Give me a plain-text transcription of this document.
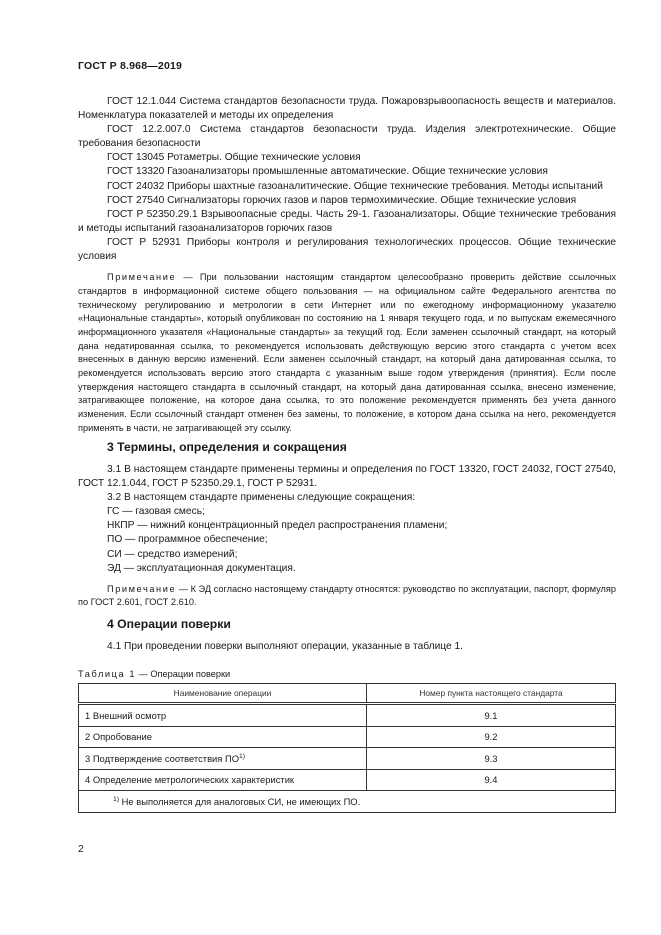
ГОСТ Р 8.968—2019

ГОСТ 12.1.044 Система стандартов безопасности труда. Пожаровзрывоопасность веществ и материалов. Номенклатура показателей и методы их определения

ГОСТ 12.2.007.0 Система стандартов безопасности труда. Изделия электротехнические. Общие требования безопасности

ГОСТ 13045 Ротаметры. Общие технические условия

ГОСТ 13320 Газоанализаторы промышленные автоматические. Общие технические условия

ГОСТ 24032 Приборы шахтные газоаналитические. Общие технические требования. Методы испытаний

ГОСТ 27540 Сигнализаторы горючих газов и паров термохимические. Общие технические условия

ГОСТ Р 52350.29.1 Взрывоопасные среды. Часть 29-1. Газоанализаторы. Общие технические требования и методы испытаний газоанализаторов горючих газов

ГОСТ Р 52931 Приборы контроля и регулирования технологических процессов. Общие технические условия

Примечание — При пользовании настоящим стандартом целесообразно проверить действие ссылочных стандартов в информационной системе общего пользования — на официальном сайте Федерального агентства по техническому регулированию и метрологии в сети Интернет или по ежегодному информационному указателю «Национальные стандарты», который опубликован по состоянию на 1 января текущего года, и по выпускам ежемесячного информационного указателя «Национальные стандарты» за текущий год. Если заменен ссылочный стандарт, на который дана недатированная ссылка, то рекомендуется использовать действующую версию этого стандарта с учетом всех внесенных в данную версию изменений. Если заменен ссылочный стандарт, на который дана датированная ссылка, то рекомендуется использовать версию этого стандарта с указанным выше годом утверждения (принятия). Если после утверждения настоящего стандарта в ссылочный стандарт, на который дана датированная ссылка, внесено изменение, затрагивающее положение, на которое дана ссылка, то это положение рекомендуется применять без учета данного изменения. Если ссылочный стандарт отменен без замены, то положение, в котором дана ссылка на него, рекомендуется применять в части, не затрагивающей эту ссылку.

3 Термины, определения и сокращения

3.1 В настоящем стандарте применены термины и определения по ГОСТ 13320, ГОСТ 24032, ГОСТ 27540, ГОСТ 12.1.044, ГОСТ Р 52350.29.1, ГОСТ Р 52931.

3.2 В настоящем стандарте применены следующие сокращения:

ГС — газовая смесь;

НКПР — нижний концентрационный предел распространения пламени;

ПО — программное обеспечение;

СИ — средство измерений;

ЭД — эксплуатационная документация.

Примечание — К ЭД согласно настоящему стандарту относятся: руководство по эксплуатации, паспорт, формуляр по ГОСТ 2.601, ГОСТ 2.610.

4 Операции поверки

4.1 При проведении поверки выполняют операции, указанные в таблице 1.

Таблица 1 — Операции поверки
Наименование операции	Номер пункта настоящего стандарта
1 Внешний осмотр	9.1
2 Опробование	9.2
3 Подтверждение соответствия ПО$^{1)}$	9.3
4 Определение метрологических характеристик	9.4
$^{1)}$ Не выполняется для аналоговых СИ, не имеющих ПО.	
2
